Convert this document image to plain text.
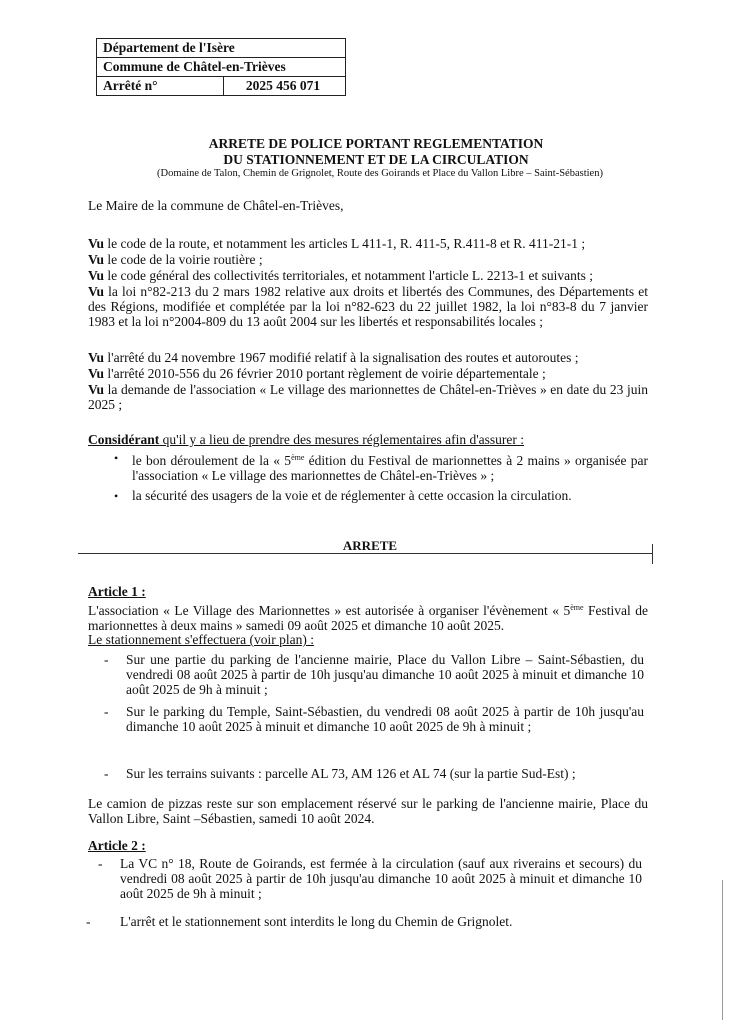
Département de l'Isère
Commune de Châtel-en-Trièves
Arrêté n°	2025 456 071
ARRETE DE POLICE PORTANT REGLEMENTATION
DU STATIONNEMENT ET DE LA CIRCULATION
(Domaine de Talon, Chemin de Grignolet, Route des Goirands et Place du Vallon Libre – Saint-Sébastien)
Le Maire de la commune de Châtel-en-Trièves,
Vu le code de la route, et notamment les articles L 411-1, R. 411-5, R.411-8 et R. 411-21-1 ;
Vu le code de la voirie routière ;
Vu le code général des collectivités territoriales, et notamment l'article L. 2213-1 et suivants ;
Vu la loi n°82-213 du 2 mars 1982 relative aux droits et libertés des Communes, des Départements et des Régions, modifiée et complétée par la loi n°82-623 du 22 juillet 1982, la loi n°83-8 du 7 janvier 1983 et la loi n°2004-809 du 13 août 2004 sur les libertés et responsabilités locales ;
Vu l'arrêté du 24 novembre 1967 modifié relatif à la signalisation des routes et autoroutes ;
Vu l'arrêté 2010-556 du 26 février 2010 portant règlement de voirie départementale ;
Vu la demande de l'association « Le village des marionnettes de Châtel-en-Trièves » en date du 23 juin 2025 ;
Considérant qu'il y a lieu de prendre des mesures réglementaires afin d'assurer :
• le bon déroulement de la « 5ème édition du Festival de marionnettes à 2 mains » organisée par l'association « Le village des marionnettes de Châtel-en-Trièves » ;
• la sécurité des usagers de la voie et de réglementer à cette occasion la circulation.
ARRETE
Article 1 :
L'association « Le Village des Marionnettes » est autorisée à organiser l'évènement « 5ème Festival de marionnettes à deux mains » samedi 09 août 2025 et dimanche 10 août 2025.
Le stationnement s'effectuera (voir plan) :
- Sur une partie du parking de l'ancienne mairie, Place du Vallon Libre – Saint-Sébastien, du vendredi 08 août 2025 à partir de 10h jusqu'au dimanche 10 août 2025 à minuit et dimanche 10 août 2025 de 9h à minuit ;
- Sur le parking du Temple, Saint-Sébastien, du vendredi 08 août 2025 à partir de 10h jusqu'au dimanche 10 août 2025 à minuit et dimanche 10 août 2025 de 9h à minuit ;
- Sur les terrains suivants : parcelle AL 73, AM 126 et AL 74 (sur la partie Sud-Est) ;
Le camion de pizzas reste sur son emplacement réservé sur le parking de l'ancienne mairie, Place du Vallon Libre, Saint –Sébastien, samedi 10 août 2024.
Article 2 :
- La VC n° 18, Route de Goirands, est fermée à la circulation (sauf aux riverains et secours) du vendredi 08 août 2025 à partir de 10h jusqu'au dimanche 10 août 2025 à minuit et dimanche 10 août 2025 de 9h à minuit ;
- L'arrêt et le stationnement sont interdits le long du Chemin de Grignolet.
